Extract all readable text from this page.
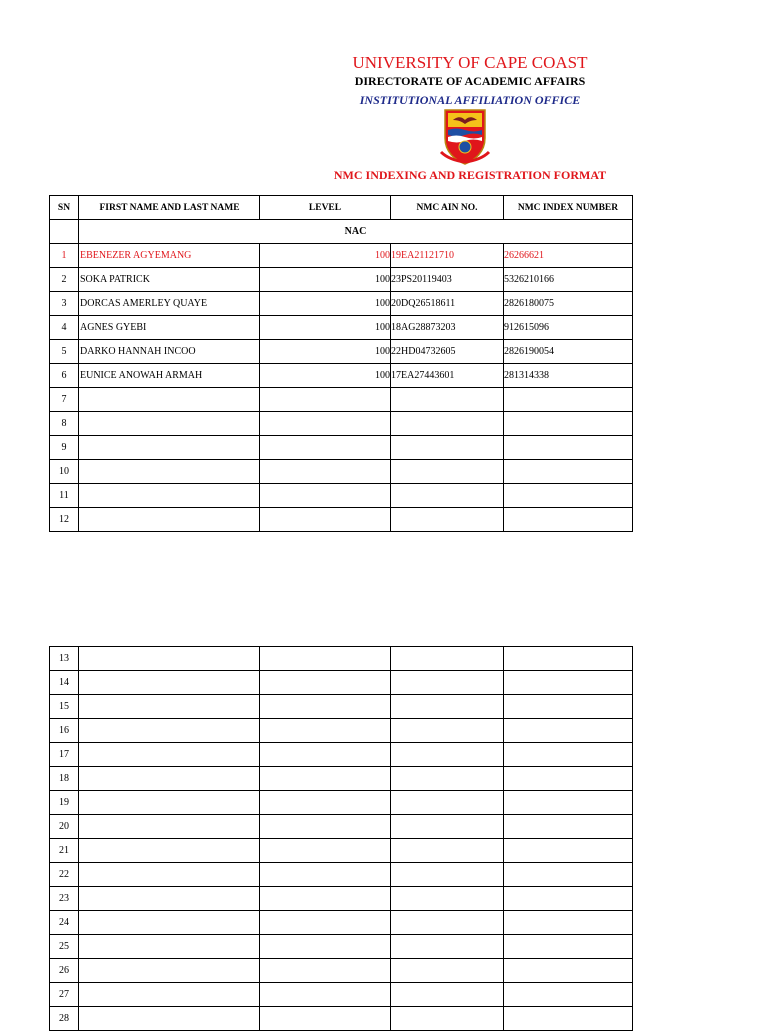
UNIVERSITY OF CAPE COAST
DIRECTORATE OF ACADEMIC AFFAIRS
INSTITUTIONAL AFFILIATION OFFICE
NMC INDEXING AND REGISTRATION FORMAT
SN	FIRST NAME AND LAST NAME	LEVEL	NMC AIN NO.	NMC INDEX NUMBER
	NAC			
1	EBENEZER AGYEMANG	100	19EA21121710	26266621
2	SOKA PATRICK	100	23PS20119403	5326210166
3	DORCAS AMERLEY QUAYE	100	20DQ26518611	2826180075
4	AGNES GYEBI	100	18AG28873203	912615096
5	DARKO HANNAH INCOO	100	22HD04732605	2826190054
6	EUNICE ANOWAH ARMAH	100	17EA27443601	281314338
7				
8				
9				
10				
11				
12				
13				
14				
15				
16				
17				
18				
19				
20				
21				
22				
23				
24				
25				
26				
27				
28				
